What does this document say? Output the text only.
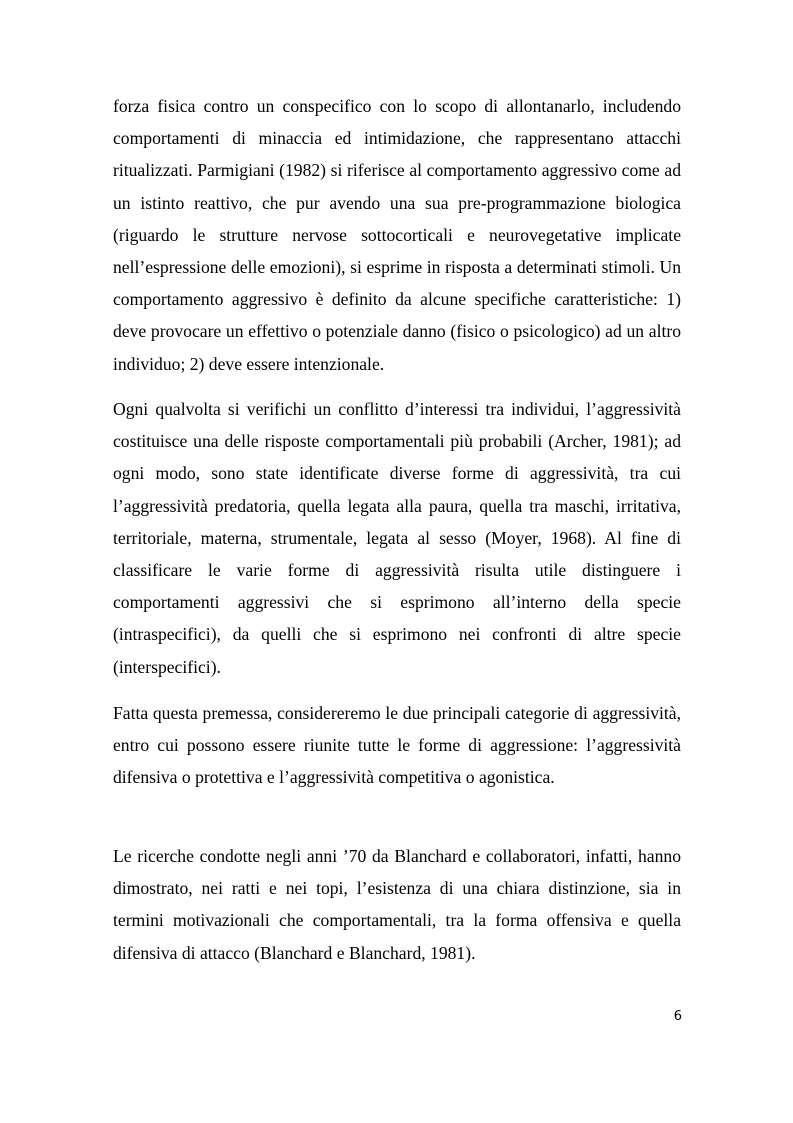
forza fisica contro un conspecifico con lo scopo di allontanarlo, includendo comportamenti di minaccia ed intimidazione, che rappresentano attacchi ritualizzati. Parmigiani (1982) si riferisce al comportamento aggressivo come ad un istinto reattivo, che pur avendo una sua pre-programmazione biologica (riguardo le strutture nervose sottocorticali e neurovegetative implicate nell’espressione delle emozioni), si esprime in risposta a determinati stimoli. Un comportamento aggressivo è definito da alcune specifiche caratteristiche: 1) deve provocare un effettivo o potenziale danno (fisico o psicologico) ad un altro individuo; 2) deve essere intenzionale.

Ogni qualvolta si verifichi un conflitto d’interessi tra individui, l’aggressività costituisce una delle risposte comportamentali più probabili (Archer, 1981); ad ogni modo, sono state identificate diverse forme di aggressività, tra cui l’aggressività predatoria, quella legata alla paura, quella tra maschi, irritativa, territoriale, materna, strumentale, legata al sesso (Moyer, 1968). Al fine di classificare le varie forme di aggressività risulta utile distinguere i comportamenti aggressivi che si esprimono all’interno della specie (intraspecifici), da quelli che si esprimono nei confronti di altre specie (interspecifici).

Fatta questa premessa, considereremo le due principali categorie di aggressività, entro cui possono essere riunite tutte le forme di aggressione: l’aggressività difensiva o protettiva e l’aggressività competitiva o agonistica.

Le ricerche condotte negli anni ’70 da Blanchard e collaboratori, infatti, hanno dimostrato, nei ratti e nei topi, l’esistenza di una chiara distinzione, sia in termini motivazionali che comportamentali, tra la forma offensiva e quella difensiva di attacco (Blanchard e Blanchard, 1981).

6
